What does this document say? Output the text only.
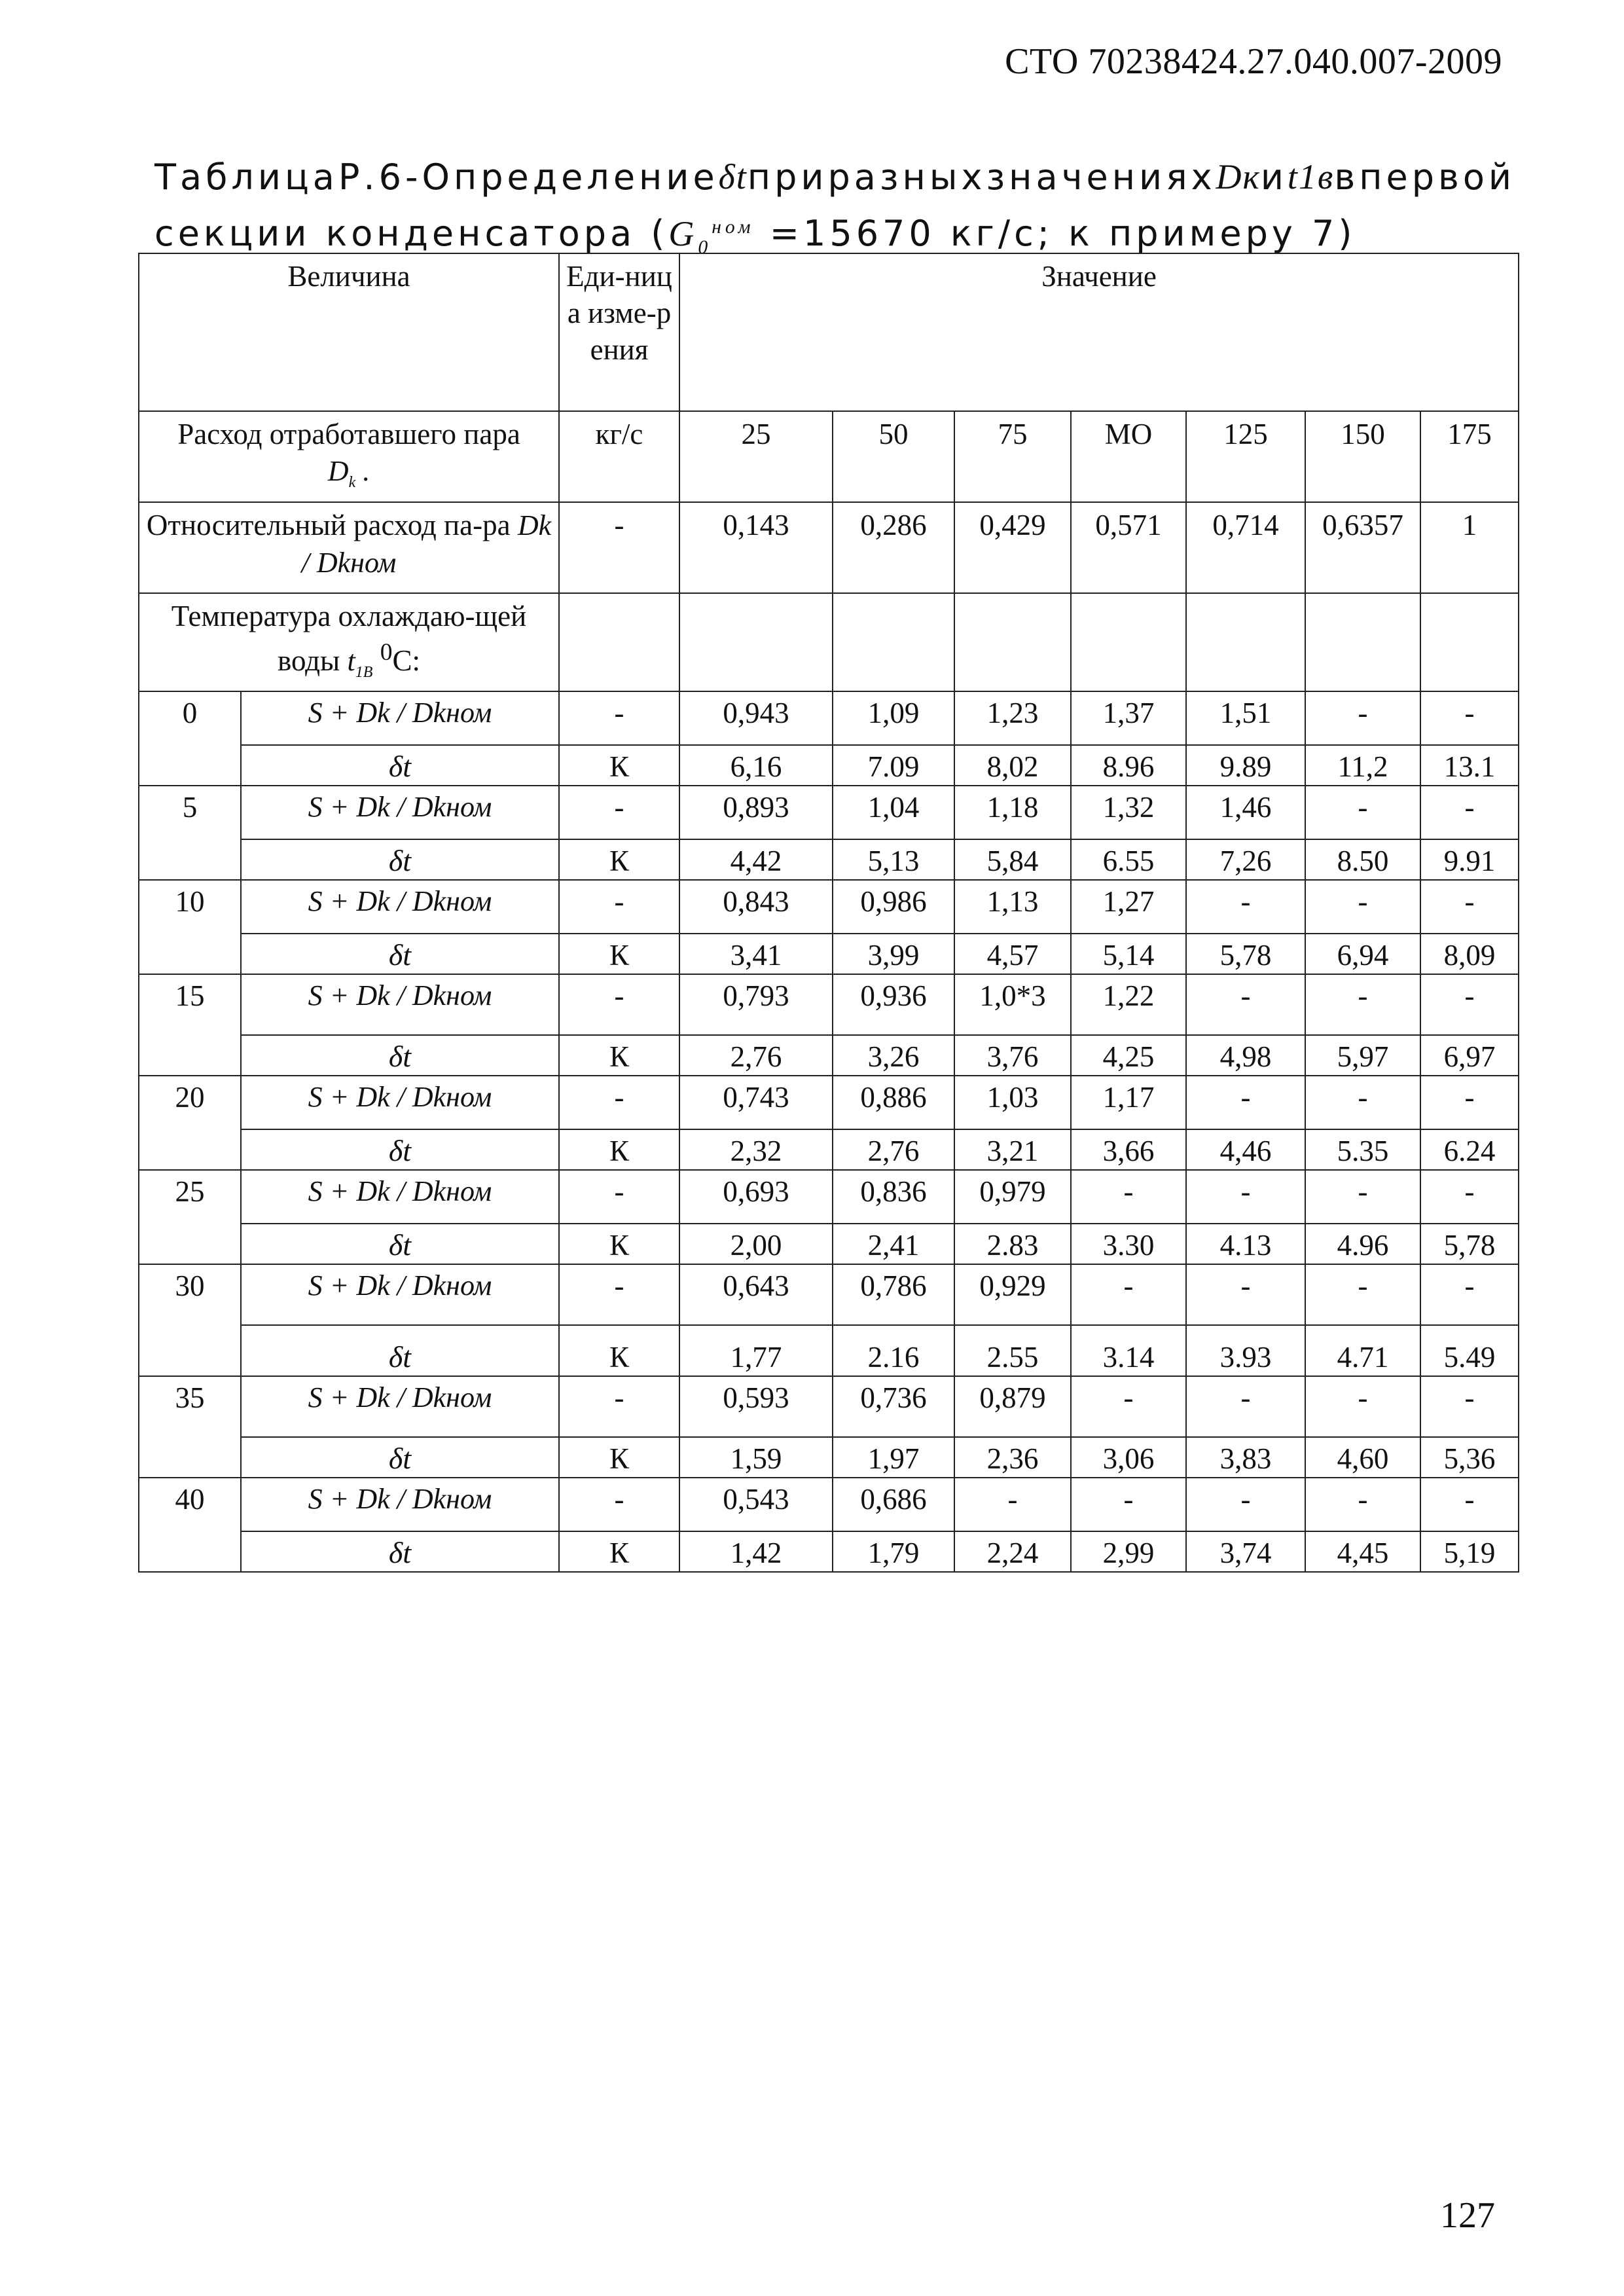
СТО 70238424.27.040.007-2009
Таблица Р.6 - Определение δt при разных значениях Dк и t1в в первой
секции конденсатора ($G_0^{ном} =15670$ кг/с; к примеру 7)
Величина		Еди-ница изме-рения	Значение						
Расход отработавшего пара
$D_k$ .		кг/с	25	50	75	МО	125	150	175
Относительный расход па-ра Dk / Dkном		-	0,143	0,286	0,429	0,571	0,714	0,6357	1
Температура охлаждаю-щей воды $t_{1B}$ $^0$C:									
0	S + Dk / Dkном	-	0,943	1,09	1,23	1,37	1,51	-	-
	δt	К	6,16	7.09	8,02	8.96	9.89	11,2	13.1
5	S + Dk / Dkном	-	0,893	1,04	1,18	1,32	1,46	-	-
	δt	К	4,42	5,13	5,84	6.55	7,26	8.50	9.91
10	S + Dk / Dkном	-	0,843	0,986	1,13	1,27	-	-	-
	δt	К	3,41	3,99	4,57	5,14	5,78	6,94	8,09
15	S + Dk / Dkном	-	0,793	0,936	1,0*3	1,22	-	-	-
	δt	К	2,76	3,26	3,76	4,25	4,98	5,97	6,97
20	S + Dk / Dkном	-	0,743	0,886	1,03	1,17	-	-	-
	δt	К	2,32	2,76	3,21	3,66	4,46	5.35	6.24
25	S + Dk / Dkном	-	0,693	0,836	0,979	-	-	-	-
	δt	К	2,00	2,41	2.83	3.30	4.13	4.96	5,78
30	S + Dk / Dkном	-	0,643	0,786	0,929	-	-	-	-
	δt	К	1,77	2.16	2.55	3.14	3.93	4.71	5.49
35	S + Dk / Dkном	-	0,593	0,736	0,879	-	-	-	-
	δt	К	1,59	1,97	2,36	3,06	3,83	4,60	5,36
40	S + Dk / Dkном	-	0,543	0,686	-	-	-	-	-
	δt	К	1,42	1,79	2,24	2,99	3,74	4,45	5,19
127
